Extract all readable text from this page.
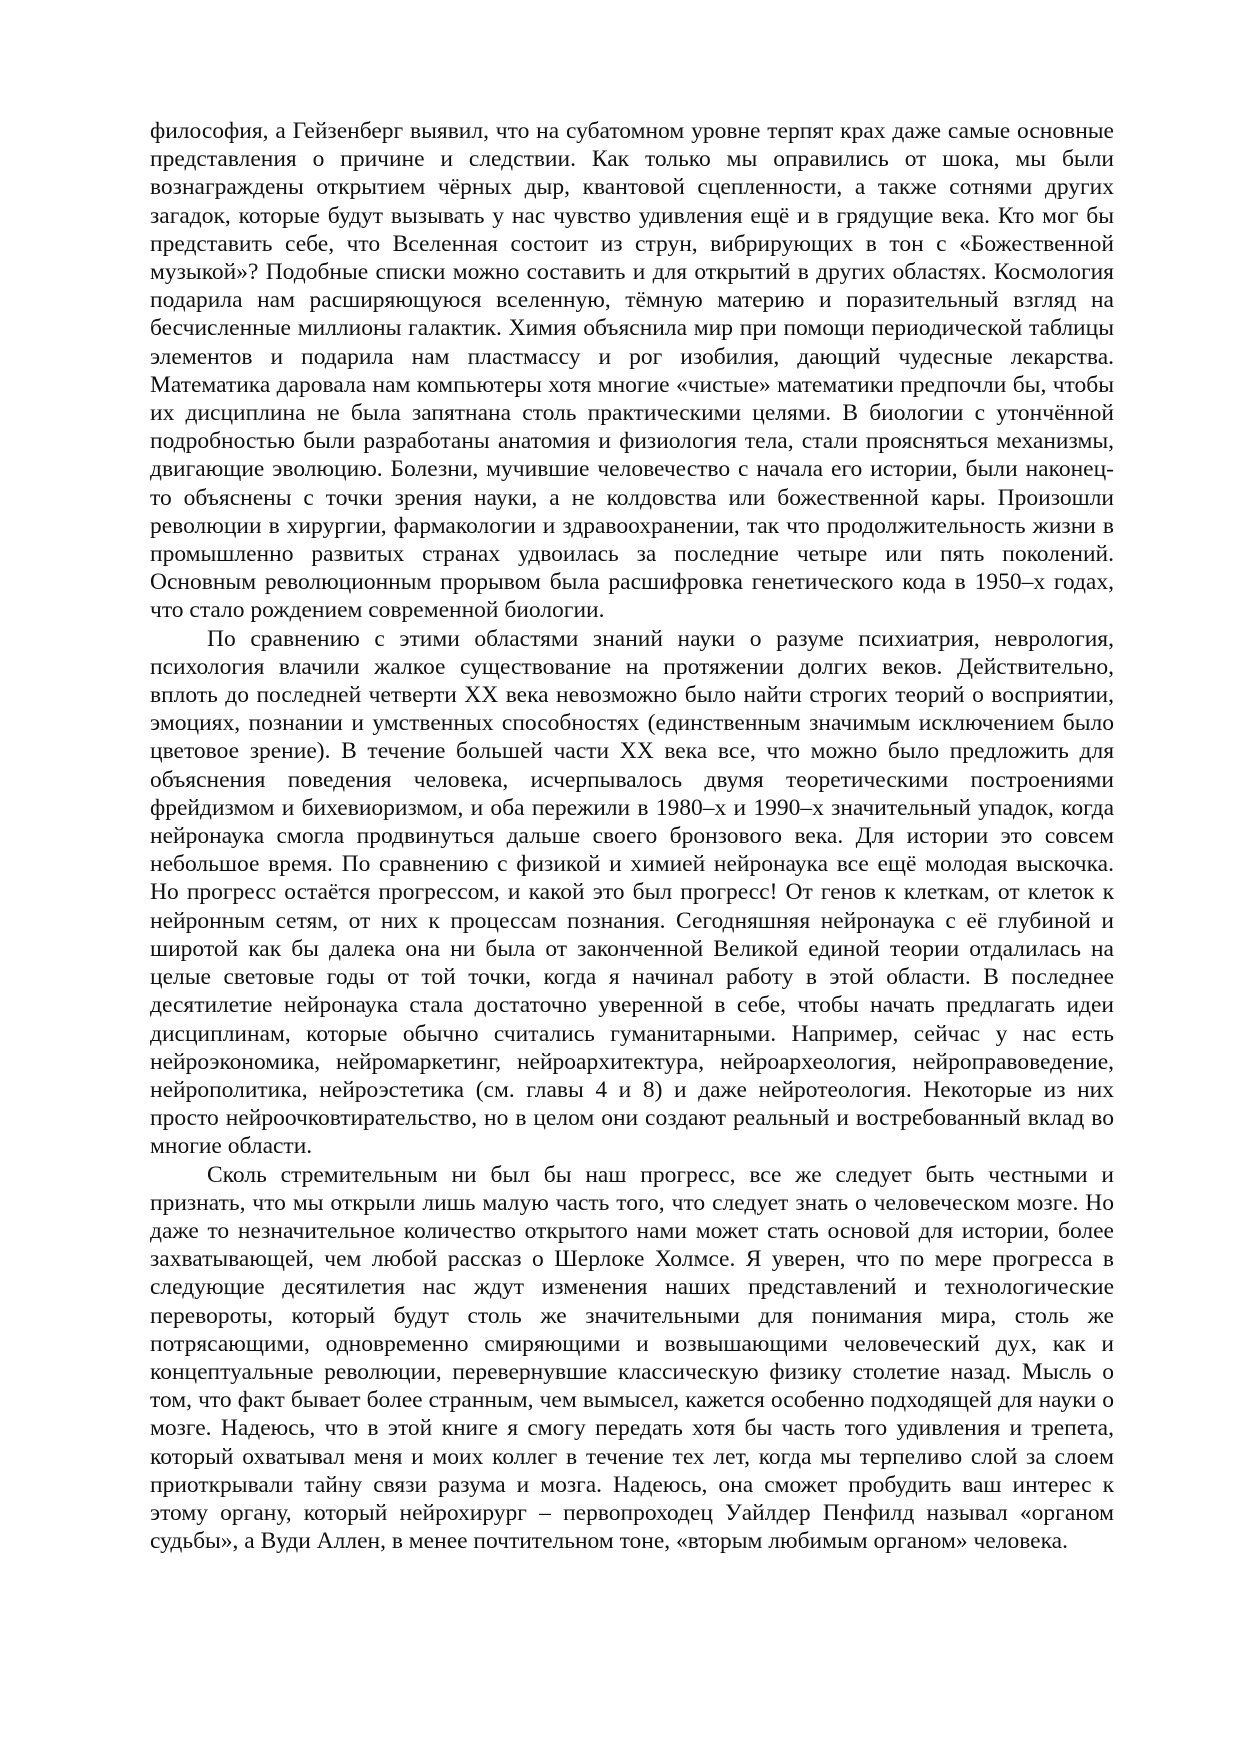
философия, а Гейзенберг выявил, что на субатомном уровне терпят крах даже самые основные представления о причине и следствии. Как только мы оправились от шока, мы были вознаграждены открытием чёрных дыр, квантовой сцепленности, а также сотнями других загадок, которые будут вызывать у нас чувство удивления ещё и в грядущие века. Кто мог бы представить себе, что Вселенная состоит из струн, вибрирующих в тон с «Божественной музыкой»? Подобные списки можно составить и для открытий в других областях. Космология подарила нам расширяющуюся вселенную, тёмную материю и поразительный взгляд на бесчисленные миллионы галактик. Химия объяснила мир при помощи периодической таблицы элементов и подарила нам пластмассу и рог изобилия, дающий чудесные лекарства. Математика даровала нам компьютеры хотя многие «чистые» математики предпочли бы, чтобы их дисциплина не была запятнана столь практическими целями. В биологии с утончённой подробностью были разработаны анатомия и физиология тела, стали проясняться механизмы, двигающие эволюцию. Болезни, мучившие человечество с начала его истории, были наконец-то объяснены с точки зрения науки, а не колдовства или божественной кары. Произошли революции в хирургии, фармакологии и здравоохранении, так что продолжительность жизни в промышленно развитых странах удвоилась за последние четыре или пять поколений. Основным революционным прорывом была расшифровка генетического кода в 1950–х годах, что стало рождением современной биологии.

По сравнению с этими областями знаний науки о разуме психиатрия, неврология, психология влачили жалкое существование на протяжении долгих веков. Действительно, вплоть до последней четверти XX века невозможно было найти строгих теорий о восприятии, эмоциях, познании и умственных способностях (единственным значимым исключением было цветовое зрение). В течение большей части XX века все, что можно было предложить для объяснения поведения человека, исчерпывалось двумя теоретическими построениями фрейдизмом и бихевиоризмом, и оба пережили в 1980–х и 1990–х значительный упадок, когда нейронаука смогла продвинуться дальше своего бронзового века. Для истории это совсем небольшое время. По сравнению с физикой и химией нейронаука все ещё молодая выскочка. Но прогресс остаётся прогрессом, и какой это был прогресс! От генов к клеткам, от клеток к нейронным сетям, от них к процессам познания. Сегодняшняя нейронаука с её глубиной и широтой как бы далека она ни была от законченной Великой единой теории отдалилась на целые световые годы от той точки, когда я начинал работу в этой области. В последнее десятилетие нейронаука стала достаточно уверенной в себе, чтобы начать предлагать идеи дисциплинам, которые обычно считались гуманитарными. Например, сейчас у нас есть нейроэкономика, нейромаркетинг, нейроархитектура, нейроархеология, нейроправоведение, нейрополитика, нейроэстетика (см. главы 4 и 8) и даже нейротеология. Некоторые из них просто нейроочковтирательство, но в целом они создают реальный и востребованный вклад во многие области.

Сколь стремительным ни был бы наш прогресс, все же следует быть честными и признать, что мы открыли лишь малую часть того, что следует знать о человеческом мозге. Но даже то незначительное количество открытого нами может стать основой для истории, более захватывающей, чем любой рассказ о Шерлоке Холмсе. Я уверен, что по мере прогресса в следующие десятилетия нас ждут изменения наших представлений и технологические перевороты, который будут столь же значительными для понимания мира, столь же потрясающими, одновременно смиряющими и возвышающими человеческий дух, как и концептуальные революции, перевернувшие классическую физику столетие назад. Мысль о том, что факт бывает более странным, чем вымысел, кажется особенно подходящей для науки о мозге. Надеюсь, что в этой книге я смогу передать хотя бы часть того удивления и трепета, который охватывал меня и моих коллег в течение тех лет, когда мы терпеливо слой за слоем приоткрывали тайну связи разума и мозга. Надеюсь, она сможет пробудить ваш интерес к этому органу, который нейрохирург – первопроходец Уайлдер Пенфилд называл «органом судьбы», а Вуди Аллен, в менее почтительном тоне, «вторым любимым органом» человека.
